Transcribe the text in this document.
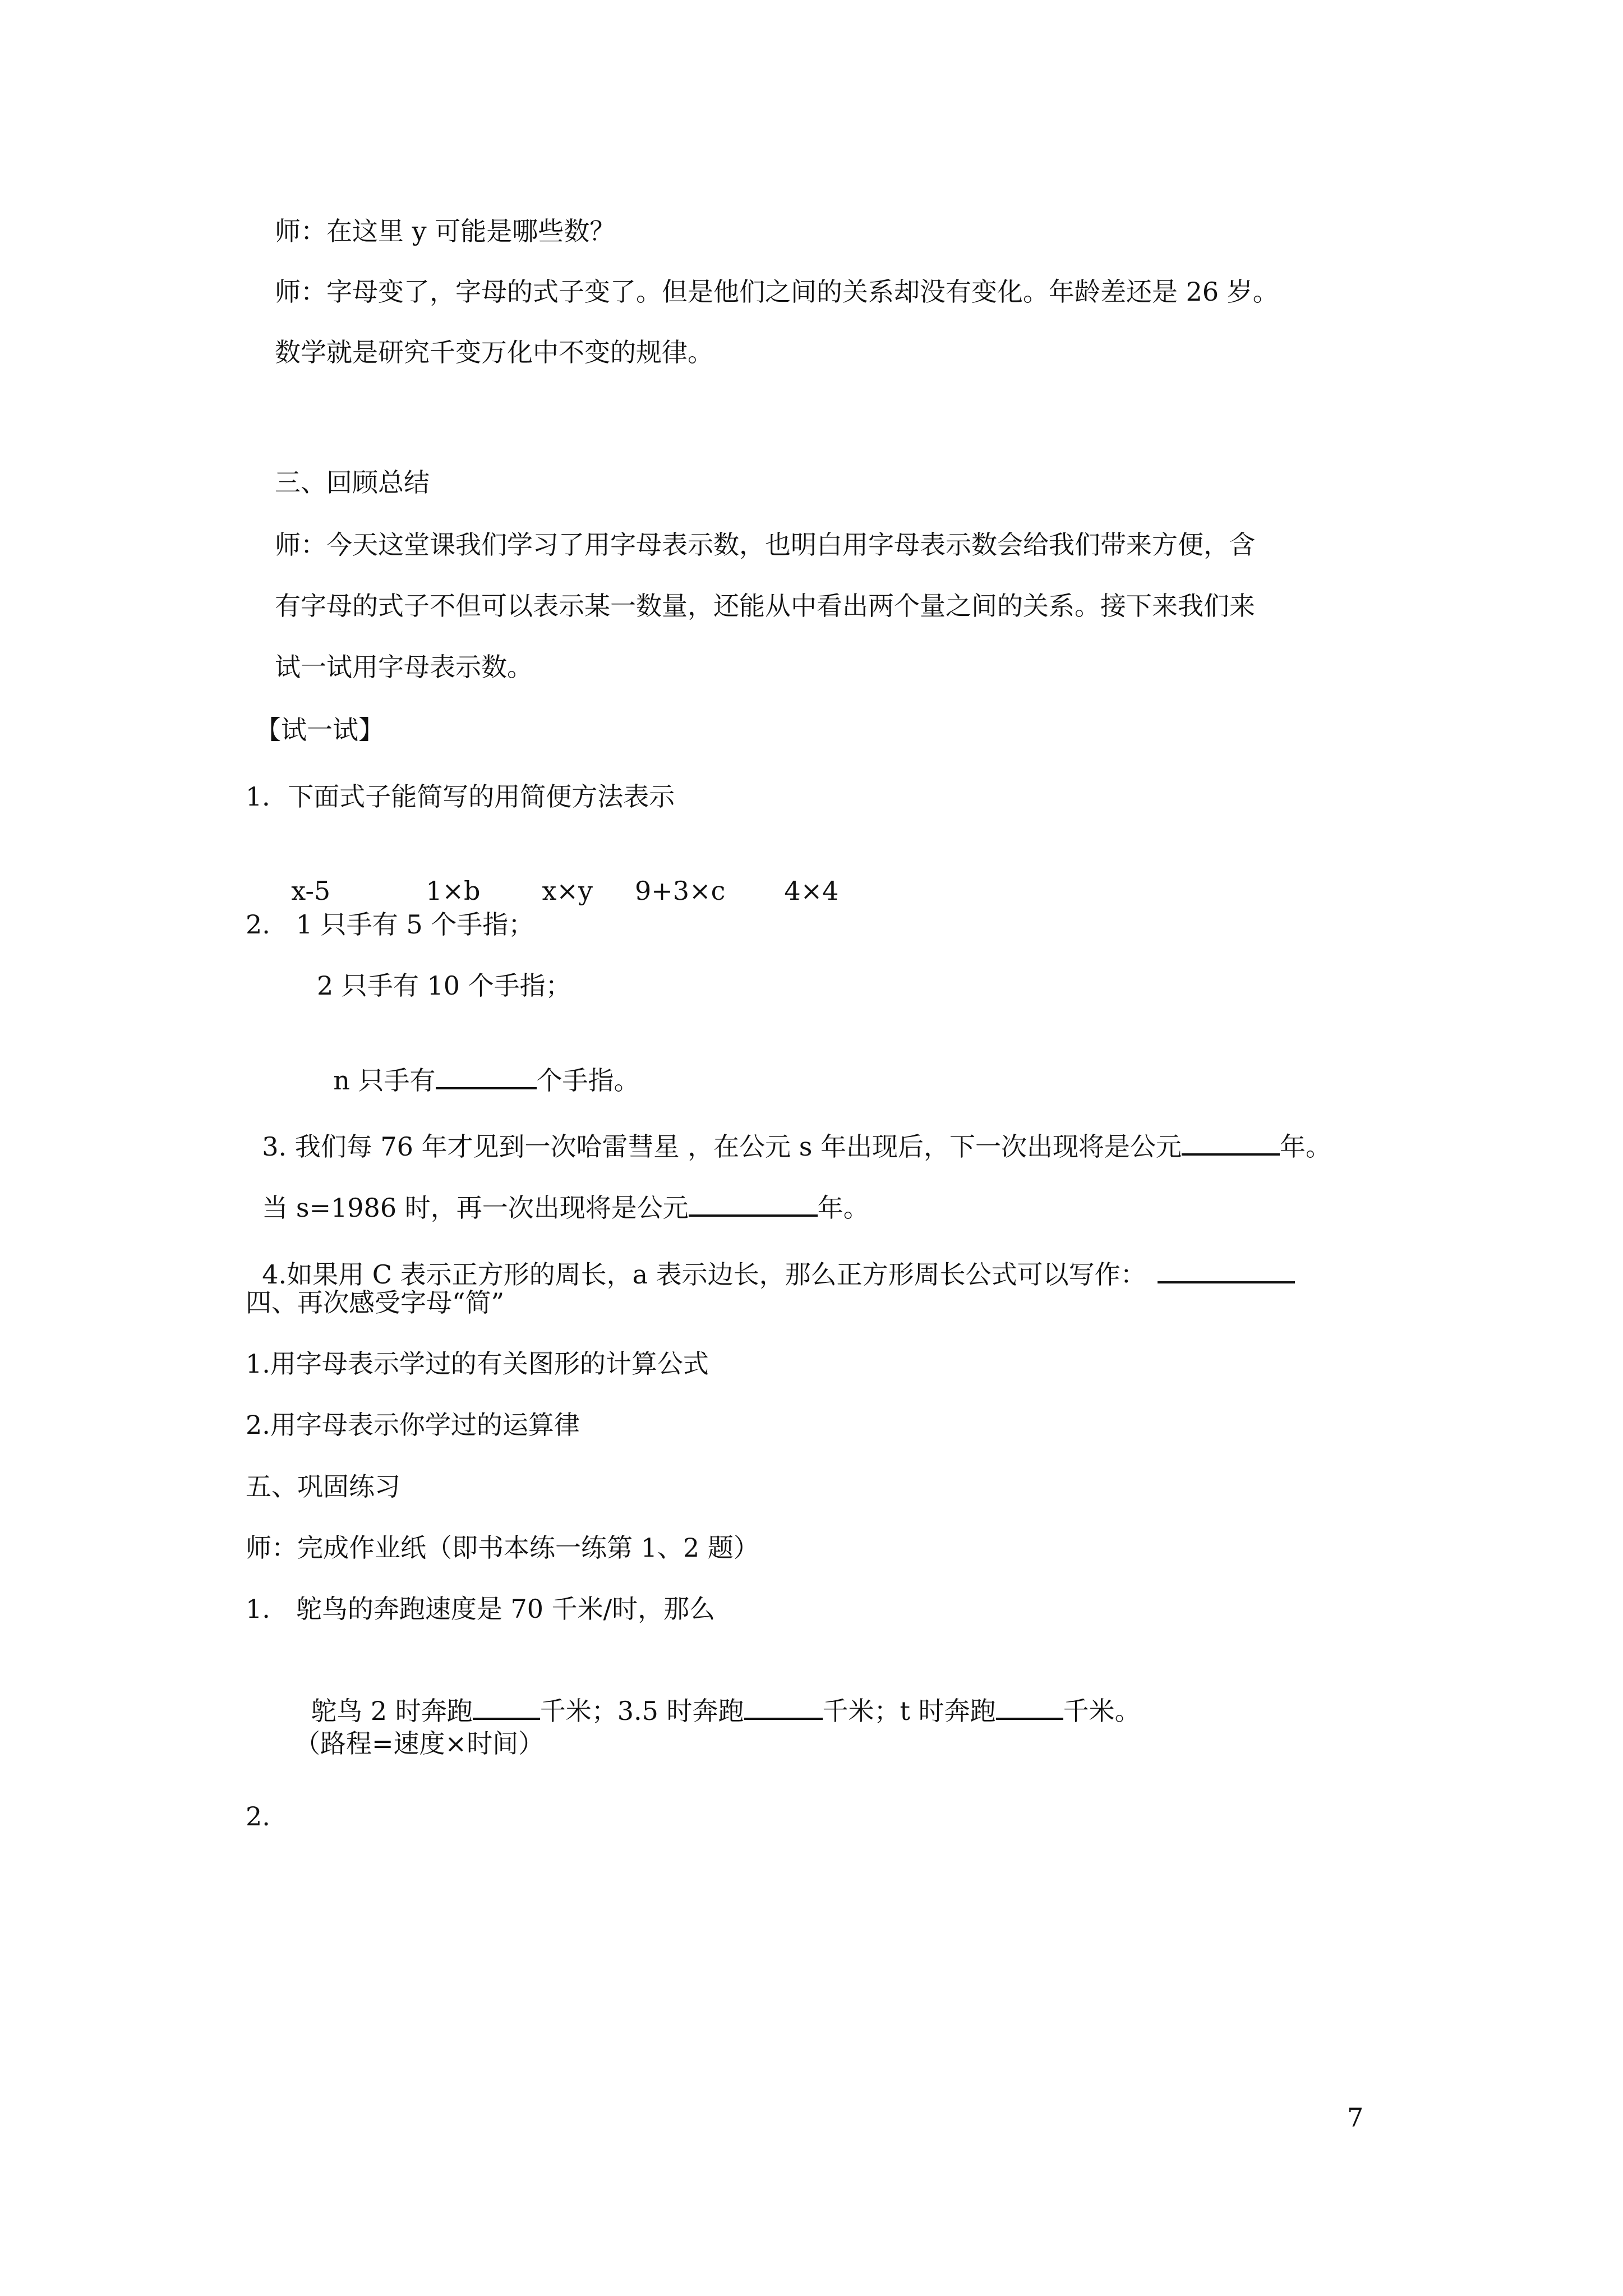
师：在这里 y 可能是哪些数？
师：字母变了，字母的式子变了。但是他们之间的关系却没有变化。年龄差还是 26 岁。
数学就是研究千变万化中不变的规律。
三、回顾总结
师：今天这堂课我们学习了用字母表示数，也明白用字母表示数会给我们带来方便，含
有字母的式子不但可以表示某一数量，还能从中看出两个量之间的关系。接下来我们来
试一试用字母表示数。
【试一试】
1．下面式子能简写的用简便方法表示

x-5	1×b x×y 9+3×c 4×4

2.　1 只手有 5 个手指；
2 只手有 10 个手指；

n 只手有	个手指。

3. 我们每 76 年才见到一次哈雷彗星 ，在公元 s 年出现后，下一次出现将是公元	年。

当 s=1986 时，再一次出现将是公元	年。

4.如果用 C 表示正方形的周长，a 表示边长，那么正方形周长公式可以写作：

四、再次感受字母“简”
1.用字母表示学过的有关图形的计算公式
2.用字母表示你学过的运算律
五、巩固练习
师：完成作业纸（即书本练一练第 1、2 题）
1.　鸵鸟的奔跑速度是 70 千米/时，那么

鸵鸟 2 时奔跑	千米；3.5 时奔跑	千米；t 时奔跑	千米。

（路程=速度×时间）
2.
7
